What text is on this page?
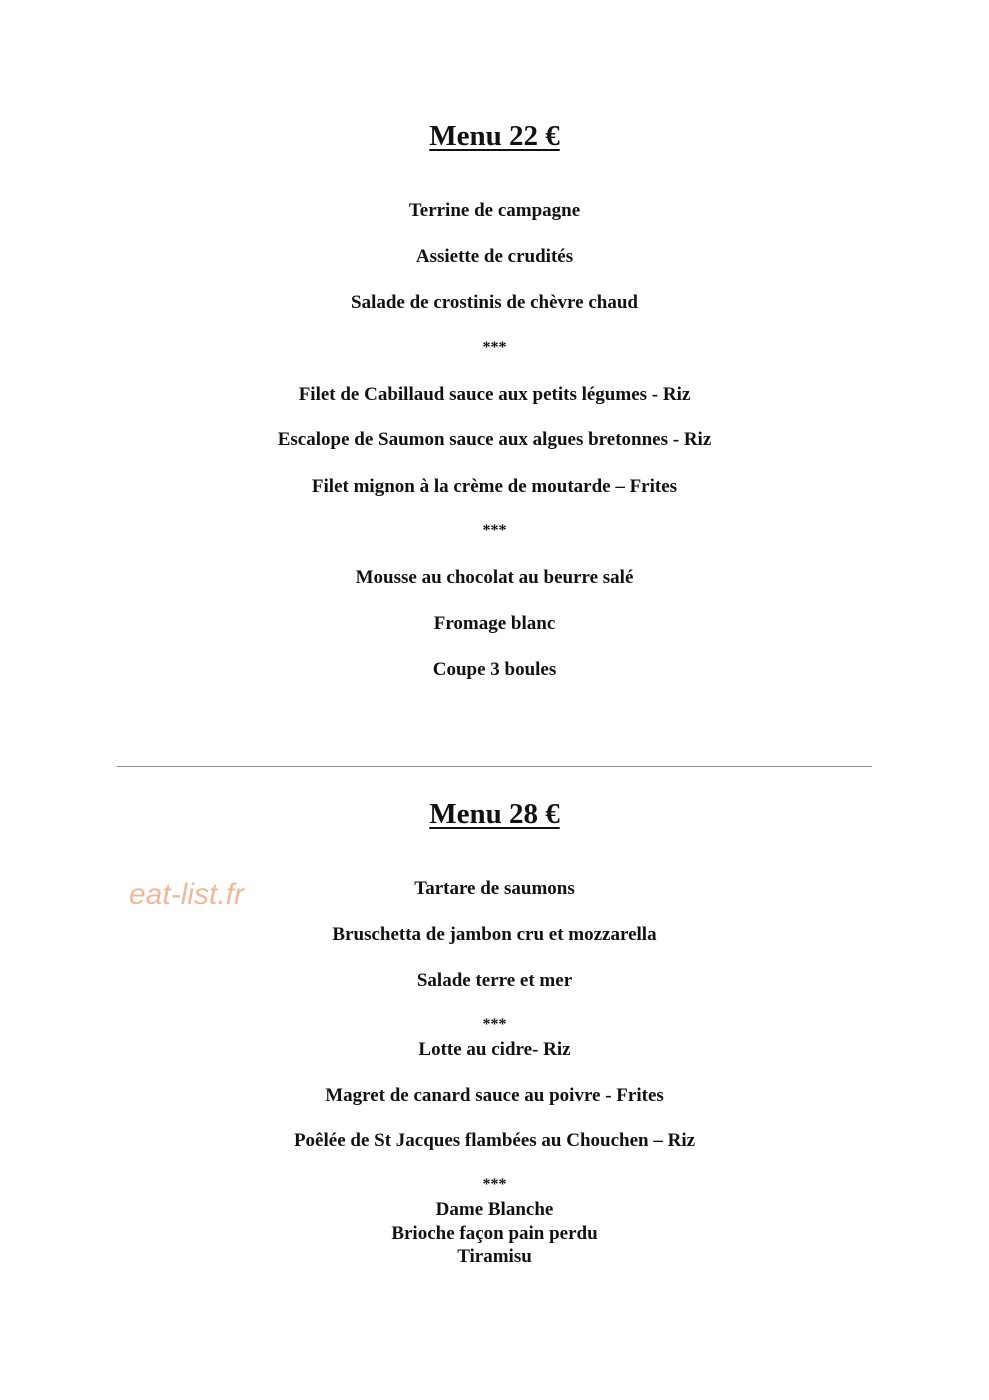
Menu 22 €
Terrine de campagne
Assiette de crudités
Salade de crostinis de chèvre chaud
***
Filet de Cabillaud sauce aux petits légumes - Riz
Escalope de Saumon sauce aux algues bretonnes - Riz
Filet mignon à la crème de moutarde – Frites
***
Mousse au chocolat au beurre salé
Fromage blanc
Coupe 3 boules
Menu 28 €
eat-list.fr	Tartare de saumons
Bruschetta de jambon cru et mozzarella
Salade terre et mer
***
Lotte au cidre- Riz
Magret de canard sauce au poivre - Frites
Poêlée de St Jacques flambées au Chouchen – Riz
***
Dame Blanche
Brioche façon pain perdu
Tiramisu
